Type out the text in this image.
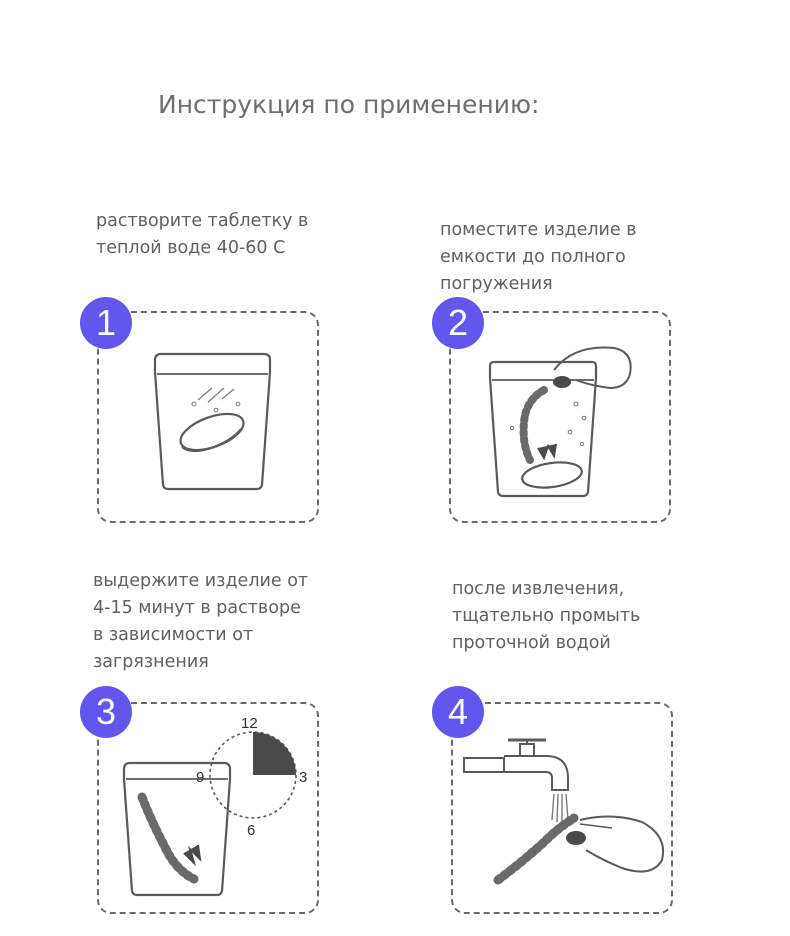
Инструкция по применению:
растворите таблетку в
теплой воде 40-60 С
1
поместите изделие в
емкости до полного
погружения
2
выдержите изделие от
4-15 минут в растворе
в зависимости от
загрязнения
3	12
3
6
9
после извлечения,
тщательно промыть
проточной водой
4
